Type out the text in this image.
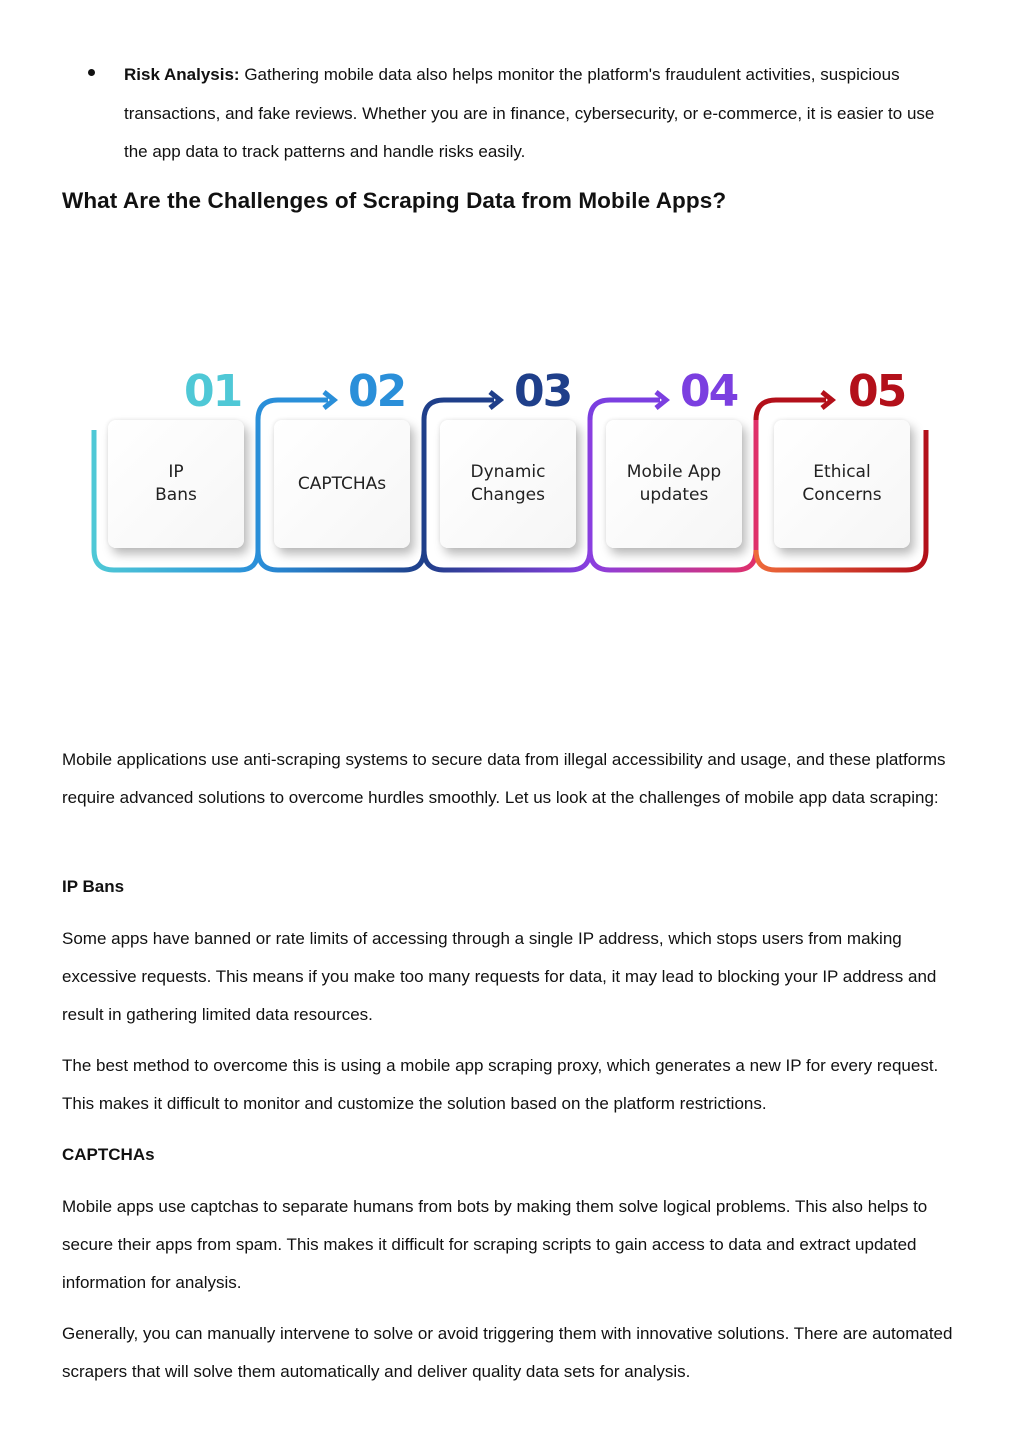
Risk Analysis: Gathering mobile data also helps monitor the platform's fraudulent activities, suspicious transactions, and fake reviews. Whether you are in finance, cybersecurity, or e-commerce, it is easier to use the app data to track patterns and handle risks easily.
What Are the Challenges of Scraping Data from Mobile Apps?
01 02 03 04	05
IP
Bans
CAPTCHAs
Dynamic
Changes
Mobile App
updates
Ethical
Concerns

Mobile applications use anti-scraping systems to secure data from illegal accessibility and usage, and these platforms require advanced solutions to overcome hurdles smoothly. Let us look at the challenges of mobile app data scraping:

IP Bans

Some apps have banned or rate limits of accessing through a single IP address, which stops users from making excessive requests. This means if you make too many requests for data, it may lead to blocking your IP address and result in gathering limited data resources.

The best method to overcome this is using a mobile app scraping proxy, which generates a new IP for every request. This makes it difficult to monitor and customize the solution based on the platform restrictions.

CAPTCHAs

Mobile apps use captchas to separate humans from bots by making them solve logical problems. This also helps to secure their apps from spam. This makes it difficult for scraping scripts to gain access to data and extract updated information for analysis.

Generally, you can manually intervene to solve or avoid triggering them with innovative solutions. There are automated scrapers that will solve them automatically and deliver quality data sets for analysis.
